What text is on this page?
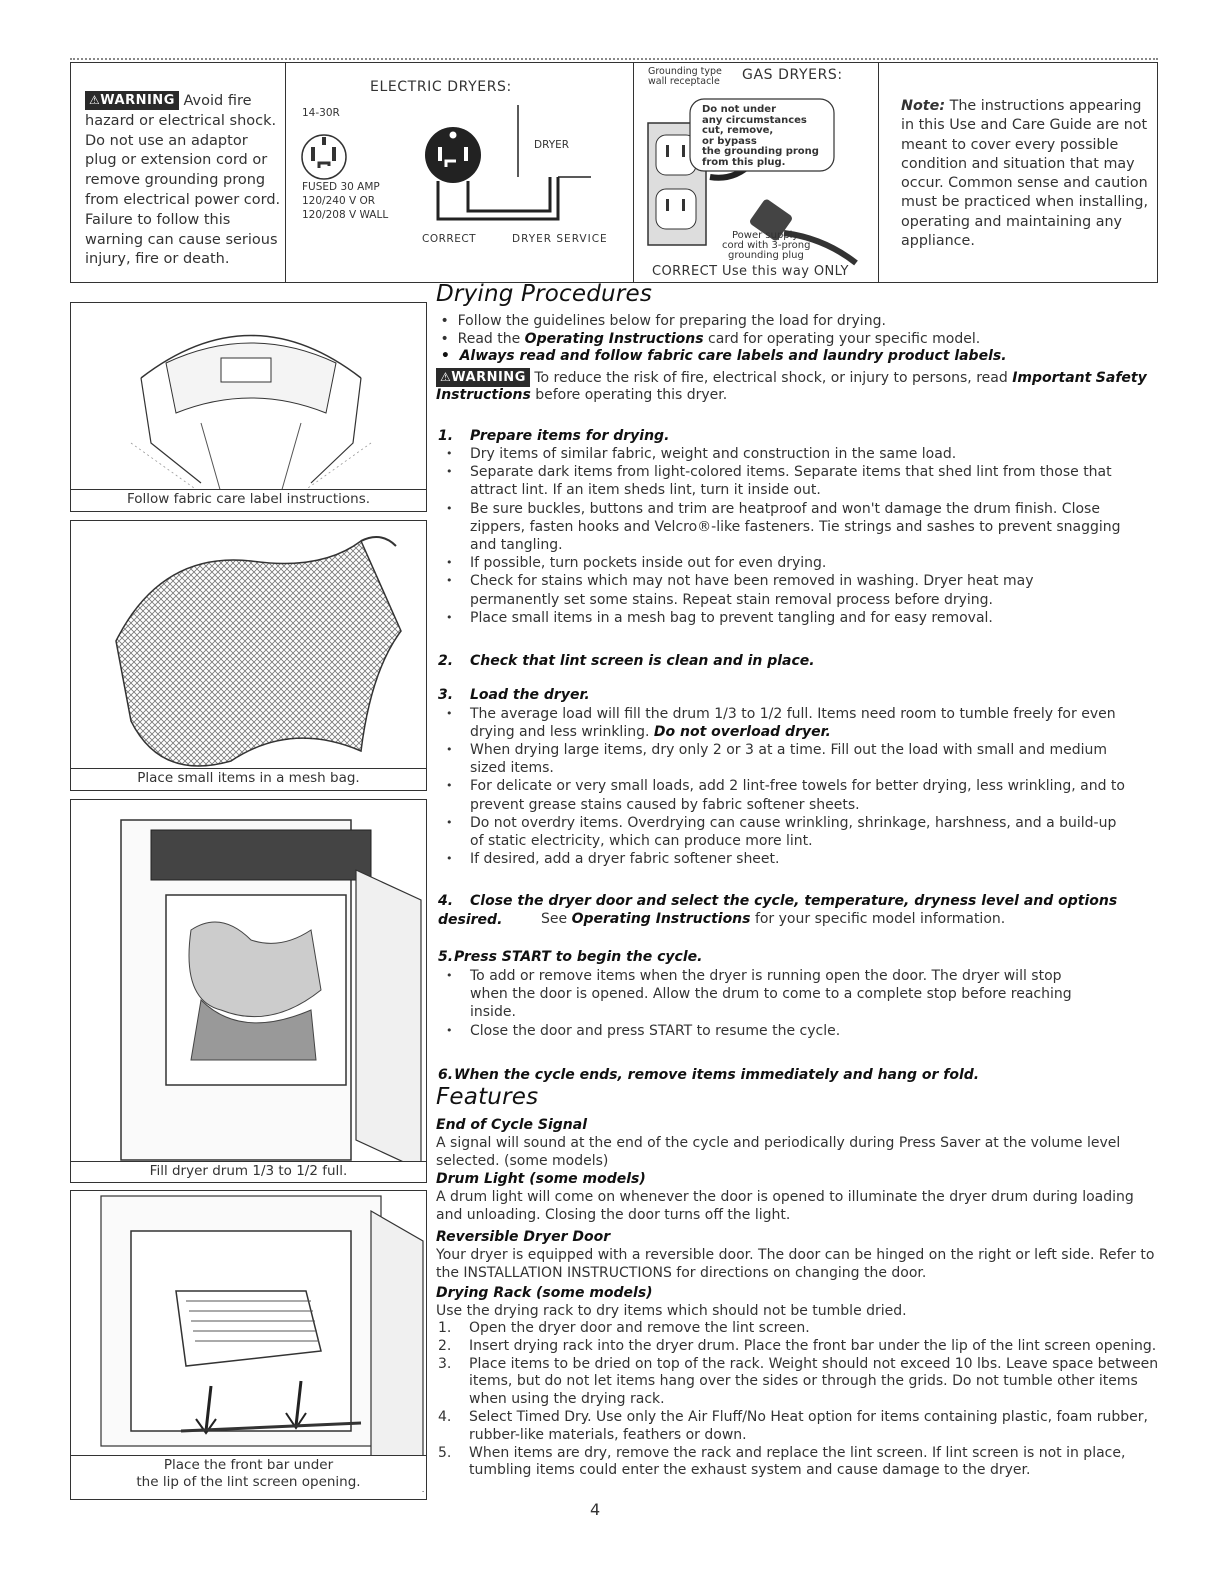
⚠WARNING Avoid fire hazard or electrical shock. Do not use an adaptor plug or extension cord or remove grounding prong from electrical power cord. Failure to follow this warning can cause serious injury, fire or death.

ELECTRIC DRYERS:
14-30R
DRYER
FUSED 30 AMP
120/240 V OR
120/208 V WALL
CORRECT	DRYER SERVICE
Grounding type
wall receptacle GAS DRYERS:
Do not under
any circumstances
cut, remove,
or bypass
the grounding prong
from this plug.
Power supply
cord with 3-prong
grounding plug
CORRECT Use this way ONLY

Note: The instructions appearing in this Use and Care Guide are not meant to cover every possible condition and situation that may occur. Common sense and caution must be practiced when installing, operating and maintaining any appliance.

Follow fabric care label instructions.
Place small items in a mesh bag.
Fill dryer drum 1/3 to 1/2 full.
Place the front bar under
the lip of the lint screen opening.
Drying Procedures
•  Follow the guidelines below for preparing the load for drying.
•  Read the Operating Instructions card for operating your specific model.
•  Always read and follow fabric care labels and laundry product labels.
⚠WARNING To reduce the risk of fire, electrical shock, or injury to persons, read Important Safety Instructions before operating this dryer.
1. Prepare items for drying.
• Dry items of similar fabric, weight and construction in the same load.
• Separate dark items from light-colored items. Separate items that shed lint from those that attract lint. If an item sheds lint, turn it inside out.
• Be sure buckles, buttons and trim are heatproof and won't damage the drum finish. Close zippers, fasten hooks and Velcro®-like fasteners. Tie strings and sashes to prevent snagging and tangling.
• If possible, turn pockets inside out for even drying.
• Check for stains which may not have been removed in washing. Dryer heat may permanently set some stains. Repeat stain removal process before drying.
• Place small items in a mesh bag to prevent tangling and for easy removal.
2. Check that lint screen is clean and in place.
3. Load the dryer.
• The average load will fill the drum 1/3 to 1/2 full. Items need room to tumble freely for even drying and less wrinkling. Do not overload dryer.
• When drying large items, dry only 2 or 3 at a time. Fill out the load with small and medium sized items.
• For delicate or very small loads, add 2 lint-free towels for better drying, less wrinkling, and to prevent grease stains caused by fabric softener sheets.
• Do not overdry items. Overdrying can cause wrinkling, shrinkage, harshness, and a build-up of static electricity, which can produce more lint.
• If desired, add a dryer fabric softener sheet.
4. Close the dryer door and select the cycle, temperature, dryness level and options desired.	See Operating Instructions for your specific model information.
5.Press START to begin the cycle.
• To add or remove items when the dryer is running open the door. The dryer will stop when the door is opened. Allow the drum to come to a complete stop before reaching inside.
• Close the door and press START to resume the cycle.
6.When the cycle ends, remove items immediately and hang or fold.
Features
End of Cycle Signal
A signal will sound at the end of the cycle and periodically during Press Saver at the volume level selected. (some models)
Drum Light (some models)
A drum light will come on whenever the door is opened to illuminate the dryer drum during loading and unloading. Closing the door turns off the light.
Reversible Dryer Door
Your dryer is equipped with a reversible door. The door can be hinged on the right or left side. Refer to the INSTALLATION INSTRUCTIONS for directions on changing the door.
Drying Rack (some models)
Use the drying rack to dry items which should not be tumble dried.
1. Open the dryer door and remove the lint screen.
2. Insert drying rack into the dryer drum. Place the front bar under the lip of the lint screen opening.
3. Place items to be dried on top of the rack. Weight should not exceed 10 lbs. Leave space between items, but do not let items hang over the sides or through the grids. Do not tumble other items when using the drying rack.
4. Select Timed Dry. Use only the Air Fluff/No Heat option for items containing plastic, foam rubber, rubber-like materials, feathers or down.
5. When items are dry, remove the rack and replace the lint screen. If lint screen is not in place, tumbling items could enter the exhaust system and cause damage to the dryer.
4
